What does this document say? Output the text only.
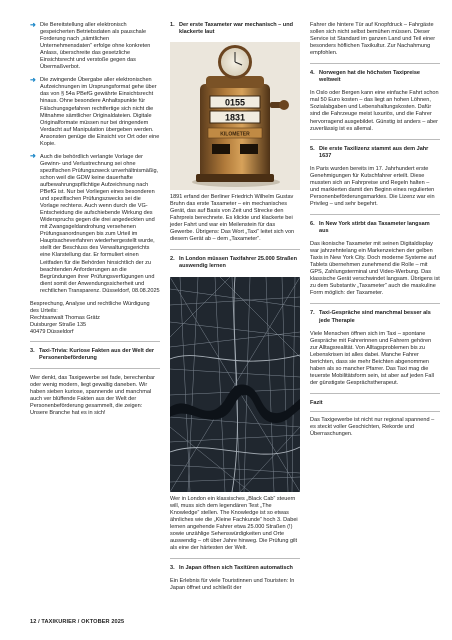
➜ Die Bereitstellung aller elektronisch gespeicherten Betriebsdaten als pauschale Forderung nach „sämtlichen Unternehmensdaten“ erfolge ohne konkreten Anlass, überschreite das gesetzliche Einsichtsrecht und verstoße gegen das Übermaßverbot.
➜ Die zwingende Übergabe aller elektronischen Aufzeichnungen im Ursprungsformat gehe über das von § 54a PBefG gewährte Einsichtsrecht hinaus. Ohne besondere Anhaltspunkte für Fälschungsgefahren rechtfertige sich nicht die Mitnahme sämtlicher Originaldateien. Digitale Originalformate müssen nur bei dringendem Verdacht auf Manipulation übergeben werden. Ansonsten genüge die Einsicht vor Ort oder eine Kopie.
➜ Auch die behördlich verlangte Vorlage der Gewinn- und Verlustrechnung sei ohne spezifischen Prüfungszweck unverhältnismäßig, schon weil die GDW keine dauerhafte aufbewahrungspflichtige Aufzeichnung nach PBefG ist. Nur bei Vorliegen eines besonderen und spezifischen Prüfungszwecks sei die Vorlage rechtens. Auch wenn durch die VG-Entscheidung die aufschiebende Wirkung des Widerspruchs gegen die drei angedeckten und mit Zwangsgeldandrohung versehenen Prüfungsanordnungen bis zum Urteil im Hauptsacheverfahren wiederhergestellt wurde, stellt der Beschluss des Verwaltungsgerichts eine Klarstellung dar. Er formuliert einen Leitfaden für die Behörden hinsichtlich der zu beachtenden Anforderungen an die Begründungen ihrer Prüfungsverfügungen und dient somit der Anwendungssicherheit und rechtlichen Transparenz. Düsseldorf, 08.08.2025
Besprechung, Analyse und rechtliche Würdigung des Urteils:
Rechtsanwalt Thomas Grätz
Duisburger Straße 135
40479 Düsseldorf
3. Taxi-Trivia: Kuriose Fakten aus der Welt der Personenbeförderung

Wer denkt, das Taxigewerbe sei fade, berechenbar oder wenig modern, liegt gewaltig daneben. Wir haben sieben kuriose, spannende und manchmal auch ver blüffende Fakten aus der Welt der Personenbeförderung gesammelt, die zeigen: Unsere Branche hat es in sich!

1. Der erste Taxameter war mechanisch – und klackerte laut
0155
1831
KILOMETER

1891 erfand der Berliner Friedrich Wilhelm Gustav Bruhn das erste Taxameter – ein mechanisches Gerät, das auf Basis von Zeit und Strecke den Fahrpreis berechnete. Es klickte und klackerte bei jeder Fahrt und war ein Meilenstein für das Gewerbe. Übrigens: Das Wort „Taxi“ leitet sich von diesem Gerät ab – dem „Taxameter“.

2. In London müssen Taxifahrer 25.000 Straßen auswendig lernen

Wer in London ein klassisches „Black Cab“ steuern will, muss sich dem legendären Test „The Knowledge“ stellen. The Knowledge ist so etwas ähnliches wie die „Kleine Fachkunde“ hoch 3. Dabei lernen angehende Fahrer etwa 25.000 Straßen (!) sowie unzählige Sehenswürdigkeiten und Orte auswendig – oft über Jahre hinweg. Die Prüfung gilt als eine der härtesten der Welt.

3. In Japan öffnen sich Taxitüren automatisch

Ein Erlebnis für viele Touristinnen und Touristen: In Japan öffnet und schließt der

Fahrer die hintere Tür auf Knopfdruck – Fahrgäste sollen sich nicht selbst bemühen müssen. Dieser Service ist Standard im ganzen Land und Teil einer besonders höflichen Taxikultur. Zur Nachahmung empfohlen.

4. Norwegen hat die höchsten Taxipreise weltweit

In Oslo oder Bergen kann eine einfache Fahrt schon mal 50 Euro kosten – das liegt an hohen Löhnen, Sozialabgaben und Lebenshaltungskosten. Dafür sind die Fahrzeuge meist luxuriös, und die Fahrer hervorragend ausgebildet. Günstig ist anders – aber zuverlässig ist es allemal.

5. Die erste Taxilizenz stammt aus dem Jahr 1637

In Paris wurden bereits im 17. Jahrhundert erste Genehmigungen für Kutschfahrer erteilt. Diese mussten sich an Fahrpreise und Regeln halten – und markierten damit den Beginn eines regulierten Personenbeförderungsmarktes. Die Lizenz war ein Privileg – und sehr begehrt.

6. In New York stirbt das Taxameter langsam aus

Das ikonische Taxameter mit seinen Digitaldisplay war jahrzehntelang ein Markenzeichen der gelben Taxis in New York City. Doch moderne Systeme auf Tablets übernehmen zunehmend die Rolle – mit GPS, Zahlungsterminal und Video-Werbung. Das klassische Gerät verschwindet langsam. Übrigens ist zu dem Substantiv „Taxameter“ auch die maskuline Form möglich: der Taxameter.

7. Taxi-Gespräche sind manchmal besser als jede Therapie

Viele Menschen öffnen sich im Taxi – spontane Gespräche mit Fahrerinnen und Fahrern gehören zur Alltagsrealität. Von Alltagsproblemen bis zu Lebenskrisen ist alles dabei. Manche Fahrer berichten, dass sie mehr Beichten abgenommen haben als so mancher Pfarrer. Das Taxi mag die teuerste Mobilitätsform sein, ist aber auf jeden Fall der günstigste Gesprächstherapeut.

Fazit

Das Taxigewerbe ist nicht nur regional spannend – es steckt voller Geschichten, Rekorde und Überraschungen.

12 / TAXIKURIER / OKTOBER 2025
